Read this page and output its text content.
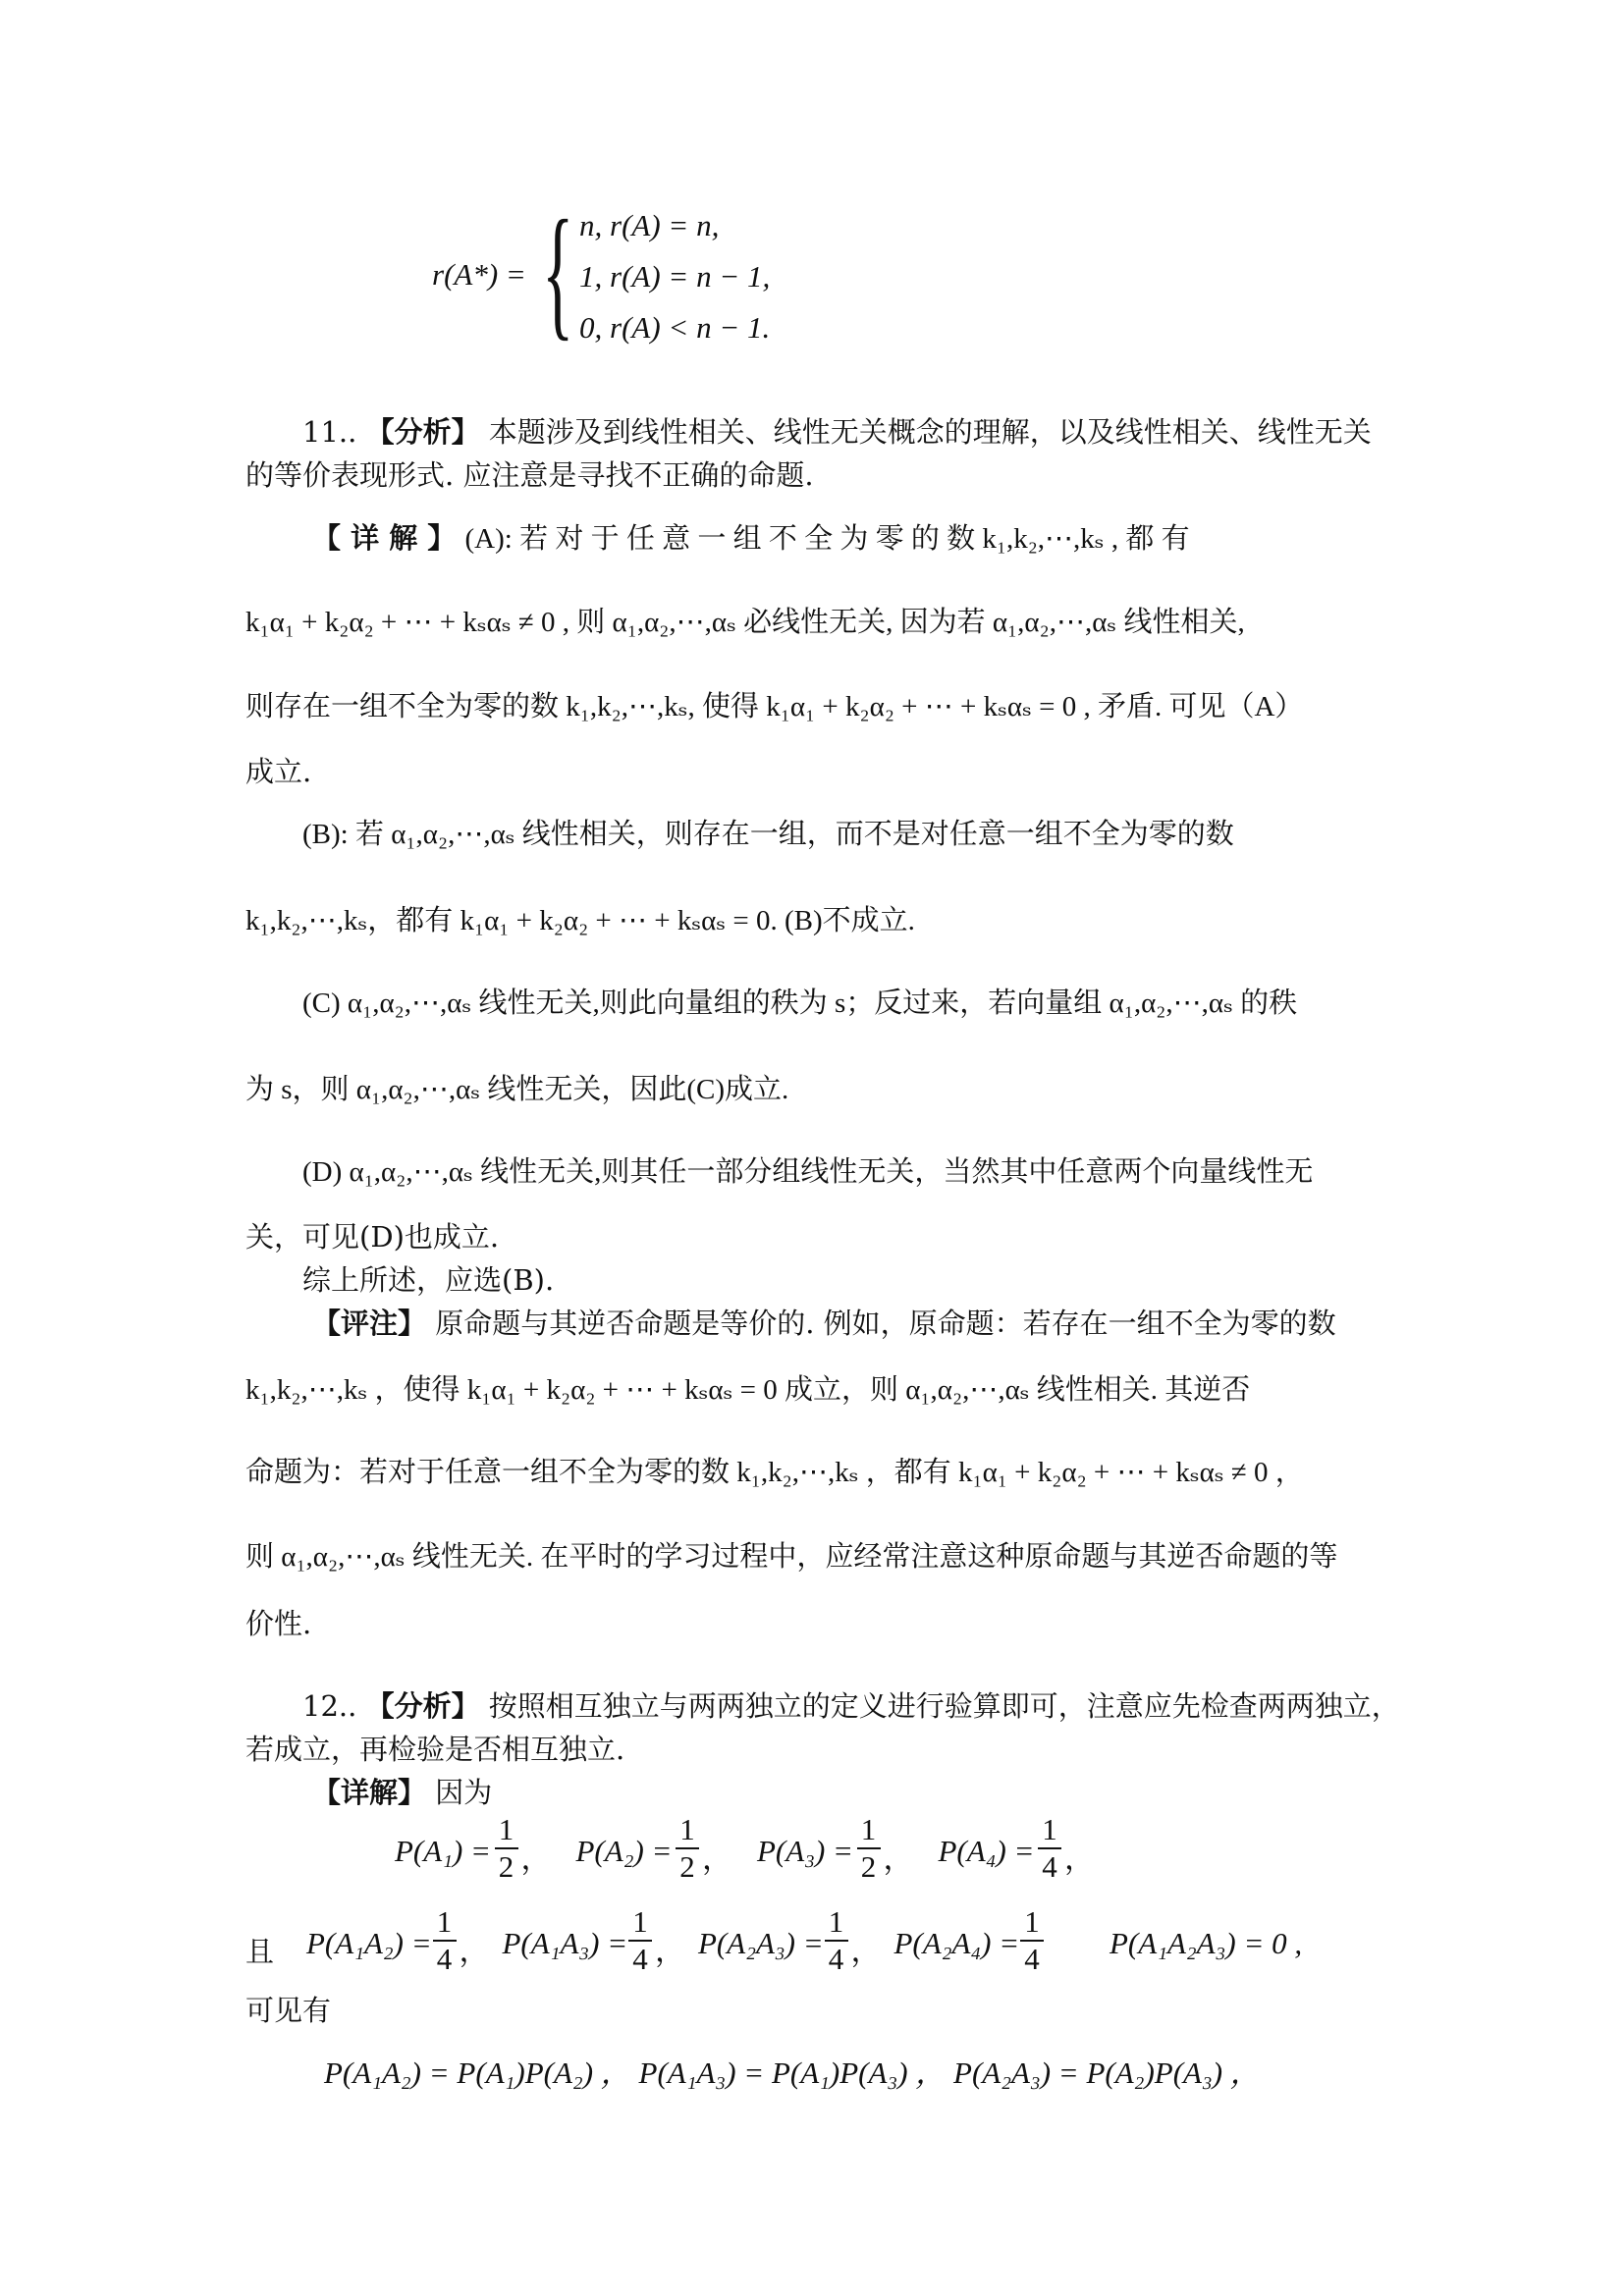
r(A*) = { n, r(A) = n,
1, r(A) = n − 1,
0, r(A) < n − 1.
11.. 【分析】 本题涉及到线性相关、线性无关概念的理解，以及线性相关、线性无关
的等价表现形式. 应注意是寻找不正确的命题.
【 详 解 】 (A): 若 对 于 任 意 一 组 不 全 为 零 的 数 k₁,k₂,⋯,kₛ , 都 有
k₁α₁ + k₂α₂ + ⋯ + kₛαₛ ≠ 0 , 则 α₁,α₂,⋯,αₛ 必线性无关, 因为若 α₁,α₂,⋯,αₛ 线性相关,
则存在一组不全为零的数 k₁,k₂,⋯,kₛ, 使得 k₁α₁ + k₂α₂ + ⋯ + kₛαₛ = 0 , 矛盾. 可见（A）
成立.
(B): 若 α₁,α₂,⋯,αₛ 线性相关，则存在一组，而不是对任意一组不全为零的数
k₁,k₂,⋯,kₛ，都有 k₁α₁ + k₂α₂ + ⋯ + kₛαₛ = 0. (B)不成立.
(C) α₁,α₂,⋯,αₛ 线性无关,则此向量组的秩为 s；反过来，若向量组 α₁,α₂,⋯,αₛ 的秩
为 s，则 α₁,α₂,⋯,αₛ 线性无关，因此(C)成立.
(D) α₁,α₂,⋯,αₛ 线性无关,则其任一部分组线性无关，当然其中任意两个向量线性无
关，可见(D)也成立.
综上所述，应选(B).
【评注】 原命题与其逆否命题是等价的. 例如，原命题：若存在一组不全为零的数
k₁,k₂,⋯,kₛ ，使得 k₁α₁ + k₂α₂ + ⋯ + kₛαₛ = 0 成立，则 α₁,α₂,⋯,αₛ 线性相关. 其逆否
命题为：若对于任意一组不全为零的数 k₁,k₂,⋯,kₛ ，都有 k₁α₁ + k₂α₂ + ⋯ + kₛαₛ ≠ 0 ，
则 α₁,α₂,⋯,αₛ 线性无关. 在平时的学习过程中，应经常注意这种原命题与其逆否命题的等
价性.
12.. 【分析】 按照相互独立与两两独立的定义进行验算即可，注意应先检查两两独立，
若成立，再检验是否相互独立.
【详解】 因为
P(A₁) =
1
2 ， P(A₂) =
1
2 ， P(A₃) =
1
2 ， P(A₄) =
1
4 ，
且	P(A₁A₂) =
1
4 ， P(A₁A₃) =
1
4 ， P(A₂A₃) =
1
4 ， P(A₂A₄) =
1
4 P(A₁A₂A₃) = 0 ,
可见有
P(A₁A₂) = P(A₁)P(A₂) ， P(A₁A₃) = P(A₁)P(A₃) ， P(A₂A₃) = P(A₂)P(A₃) ，
